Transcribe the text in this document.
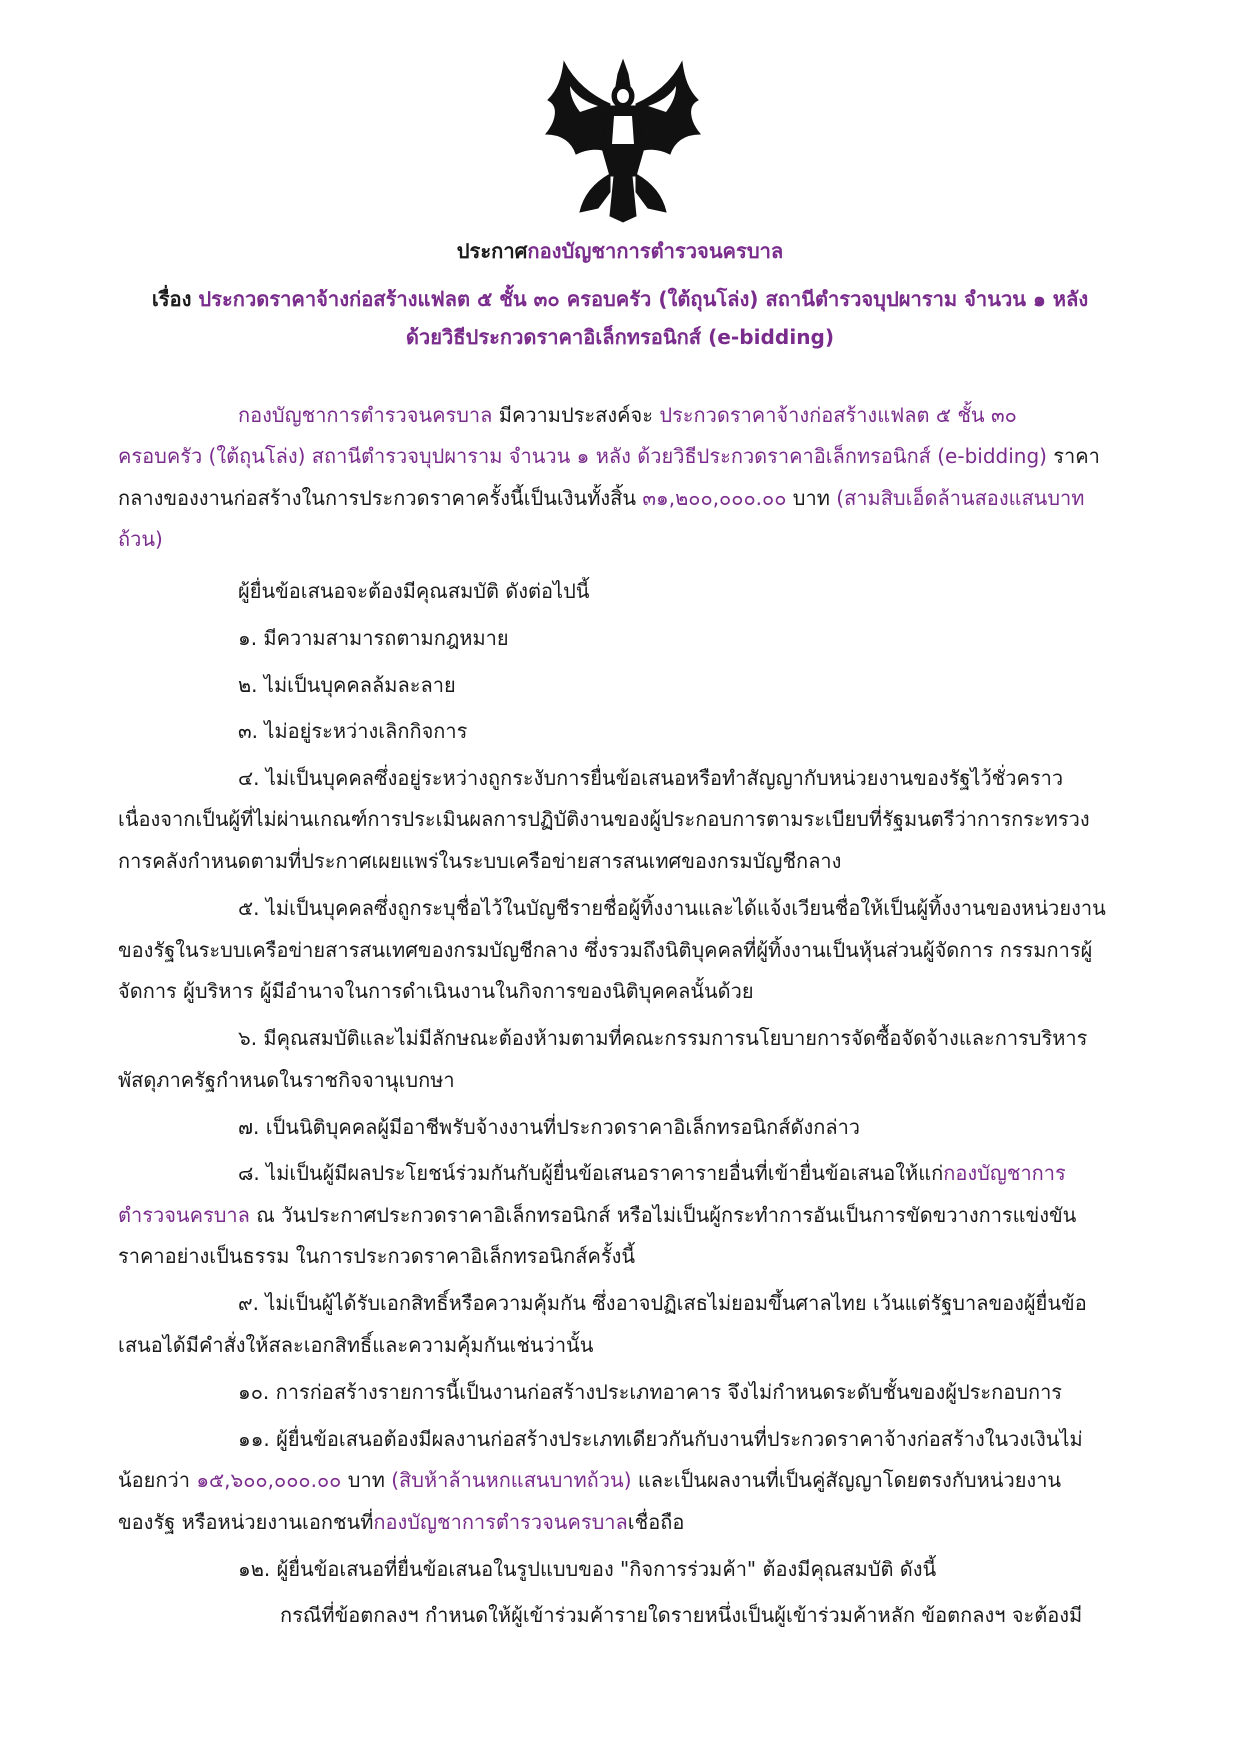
ประกาศกองบัญชาการตำรวจนครบาล
เรื่อง ประกวดราคาจ้างก่อสร้างแฟลต ๕ ชั้น ๓๐ ครอบครัว (ใต้ถุนโล่ง) สถานีตำรวจบุปผาราม จำนวน ๑ หลัง
ด้วยวิธีประกวดราคาอิเล็กทรอนิกส์ (e-bidding)
กองบัญชาการตำรวจนครบาล มีความประสงค์จะ ประกวดราคาจ้างก่อสร้างแฟลต ๕ ชั้น ๓๐
ครอบครัว (ใต้ถุนโล่ง) สถานีตำรวจบุปผาราม จำนวน ๑ หลัง ด้วยวิธีประกวดราคาอิเล็กทรอนิกส์ (e-bidding) ราคา
กลางของงานก่อสร้างในการประกวดราคาครั้งนี้เป็นเงินทั้งสิ้น ๓๑,๒๐๐,๐๐๐.๐๐ บาท (สามสิบเอ็ดล้านสองแสนบาท
ถ้วน)
ผู้ยื่นข้อเสนอจะต้องมีคุณสมบัติ ดังต่อไปนี้
๑. มีความสามารถตามกฎหมาย
๒. ไม่เป็นบุคคลล้มละลาย
๓. ไม่อยู่ระหว่างเลิกกิจการ
๔. ไม่เป็นบุคคลซึ่งอยู่ระหว่างถูกระงับการยื่นข้อเสนอหรือทำสัญญากับหน่วยงานของรัฐไว้ชั่วคราว
เนื่องจากเป็นผู้ที่ไม่ผ่านเกณฑ์การประเมินผลการปฏิบัติงานของผู้ประกอบการตามระเบียบที่รัฐมนตรีว่าการกระทรวง
การคลังกำหนดตามที่ประกาศเผยแพร่ในระบบเครือข่ายสารสนเทศของกรมบัญชีกลาง
๕. ไม่เป็นบุคคลซึ่งถูกระบุชื่อไว้ในบัญชีรายชื่อผู้ทิ้งงานและได้แจ้งเวียนชื่อให้เป็นผู้ทิ้งงานของหน่วยงาน
ของรัฐในระบบเครือข่ายสารสนเทศของกรมบัญชีกลาง ซึ่งรวมถึงนิติบุคคลที่ผู้ทิ้งงานเป็นหุ้นส่วนผู้จัดการ กรรมการผู้
จัดการ ผู้บริหาร ผู้มีอำนาจในการดำเนินงานในกิจการของนิติบุคคลนั้นด้วย
๖. มีคุณสมบัติและไม่มีลักษณะต้องห้ามตามที่คณะกรรมการนโยบายการจัดซื้อจัดจ้างและการบริหาร
พัสดุภาครัฐกำหนดในราชกิจจานุเบกษา
๗. เป็นนิติบุคคลผู้มีอาชีพรับจ้างงานที่ประกวดราคาอิเล็กทรอนิกส์ดังกล่าว
๘. ไม่เป็นผู้มีผลประโยชน์ร่วมกันกับผู้ยื่นข้อเสนอราคารายอื่นที่เข้ายื่นข้อเสนอให้แก่กองบัญชาการ
ตำรวจนครบาล ณ วันประกาศประกวดราคาอิเล็กทรอนิกส์ หรือไม่เป็นผู้กระทำการอันเป็นการขัดขวางการแข่งขัน
ราคาอย่างเป็นธรรม ในการประกวดราคาอิเล็กทรอนิกส์ครั้งนี้
๙. ไม่เป็นผู้ได้รับเอกสิทธิ์หรือความคุ้มกัน ซึ่งอาจปฏิเสธไม่ยอมขึ้นศาลไทย เว้นแต่รัฐบาลของผู้ยื่นข้อ
เสนอได้มีคำสั่งให้สละเอกสิทธิ์และความคุ้มกันเช่นว่านั้น
๑๐. การก่อสร้างรายการนี้เป็นงานก่อสร้างประเภทอาคาร จึงไม่กำหนดระดับชั้นของผู้ประกอบการ
๑๑. ผู้ยื่นข้อเสนอต้องมีผลงานก่อสร้างประเภทเดียวกันกับงานที่ประกวดราคาจ้างก่อสร้างในวงเงินไม่
น้อยกว่า ๑๕,๖๐๐,๐๐๐.๐๐ บาท (สิบห้าล้านหกแสนบาทถ้วน) และเป็นผลงานที่เป็นคู่สัญญาโดยตรงกับหน่วยงาน
ของรัฐ หรือหน่วยงานเอกชนที่กองบัญชาการตำรวจนครบาลเชื่อถือ
๑๒. ผู้ยื่นข้อเสนอที่ยื่นข้อเสนอในรูปแบบของ "กิจการร่วมค้า" ต้องมีคุณสมบัติ ดังนี้
กรณีที่ข้อตกลงฯ กำหนดให้ผู้เข้าร่วมค้ารายใดรายหนึ่งเป็นผู้เข้าร่วมค้าหลัก ข้อตกลงฯ จะต้องมี
